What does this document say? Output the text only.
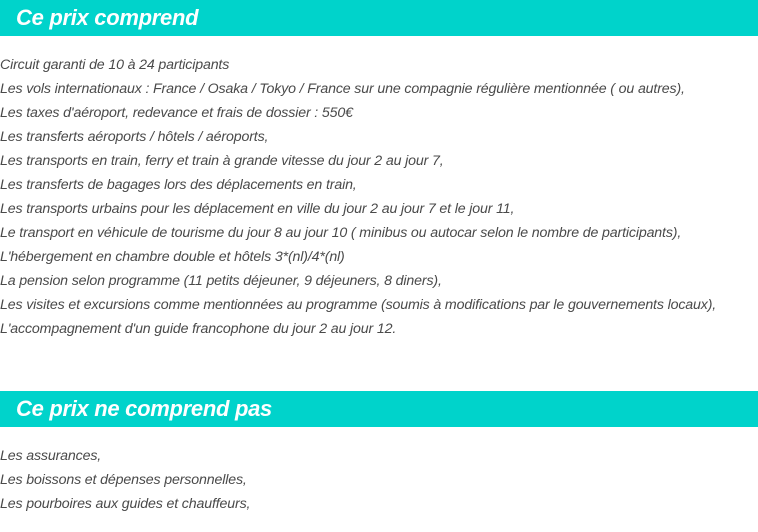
Ce prix comprend
Circuit garanti de 10 à 24 participants
Les vols internationaux : France / Osaka / Tokyo / France sur une compagnie régulière mentionnée ( ou autres),
Les taxes d'aéroport, redevance et frais de dossier : 550€
Les transferts aéroports / hôtels / aéroports,
Les transports en train, ferry et train à grande vitesse du jour 2 au jour 7,
Les transferts de bagages lors des déplacements en train,
Les transports urbains pour les déplacement en ville du jour 2 au jour 7 et le jour 11,
Le transport en véhicule de tourisme du jour 8 au jour 10 ( minibus ou autocar selon le nombre de participants),
L'hébergement en chambre double et hôtels 3*(nl)/4*(nl)
La pension selon programme (11 petits déjeuner, 9 déjeuners, 8 diners),
Les visites et excursions comme mentionnées au programme (soumis à modifications par le gouvernements locaux),
L'accompagnement d'un guide francophone du jour 2 au jour 12.
Ce prix ne comprend pas
Les assurances,
Les boissons et dépenses personnelles,
Les pourboires aux guides et chauffeurs,
